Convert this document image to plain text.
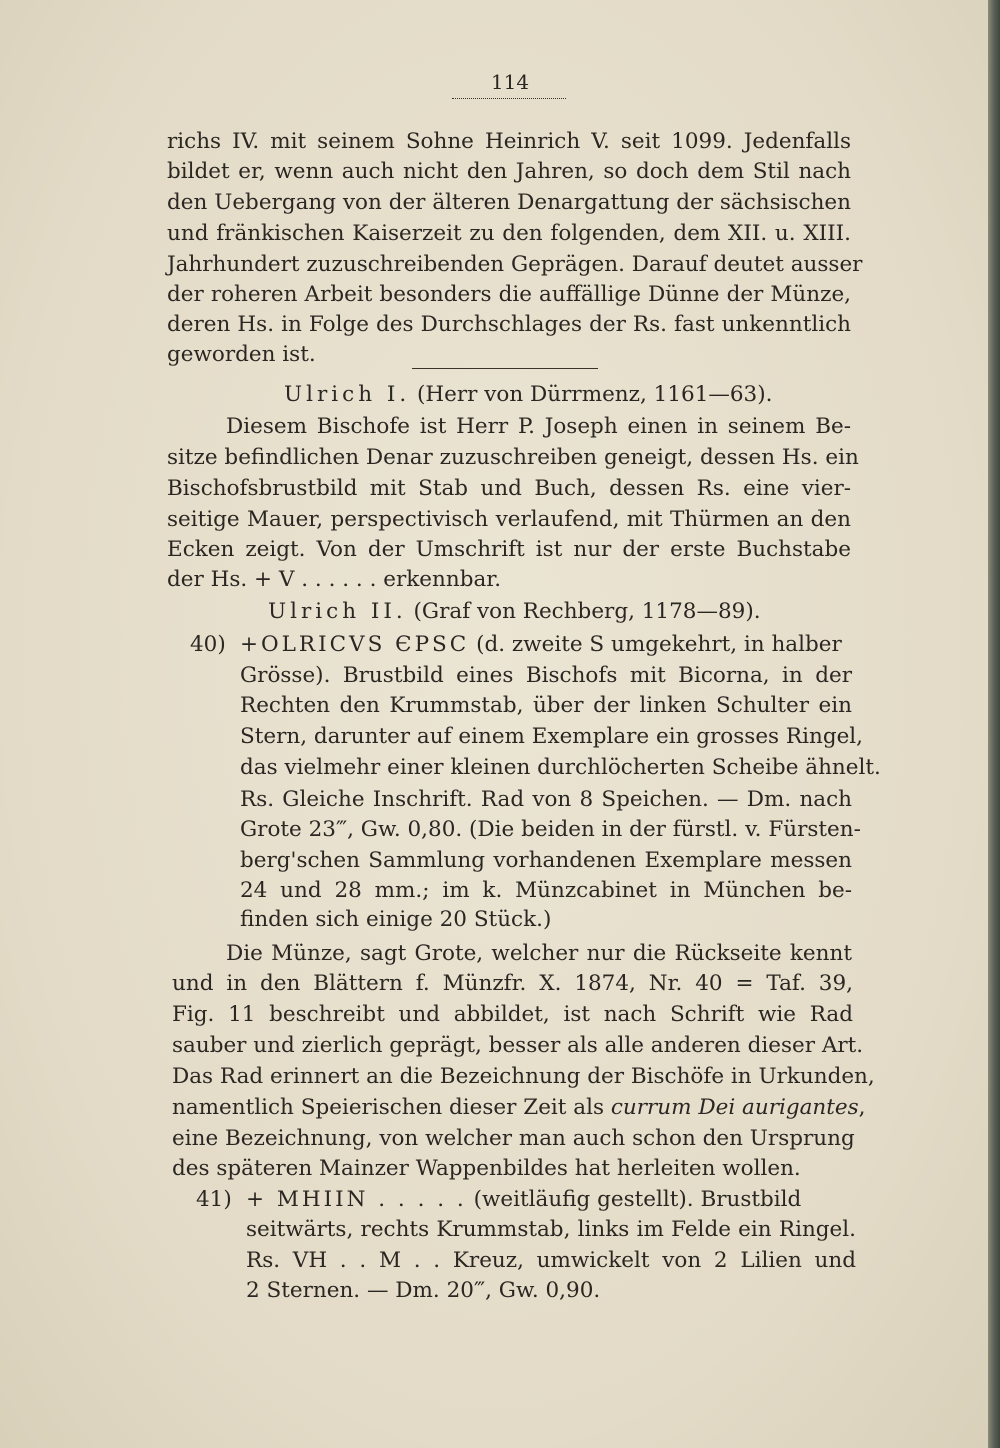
114
richs IV. mit seinem Sohne Heinrich V. seit 1099. Jedenfalls
bildet er, wenn auch nicht den Jahren, so doch dem Stil nach
den Uebergang von der älteren Denargattung der sächsischen
und fränkischen Kaiserzeit zu den folgenden, dem XII. u. XIII.
Jahrhundert zuzuschreibenden Geprägen. Darauf deutet ausser
der roheren Arbeit besonders die auffällige Dünne der Münze,
deren Hs. in Folge des Durchschlages der Rs. fast unkenntlich
geworden ist.
Ulrich I. (Herr von Dürrmenz, 1161—63).
Diesem Bischofe ist Herr P. Joseph einen in seinem Be-
sitze befindlichen Denar zuzuschreiben geneigt, dessen Hs. ein
Bischofsbrustbild mit Stab und Buch, dessen Rs. eine vier-
seitige Mauer, perspectivisch verlaufend, mit Thürmen an den
Ecken zeigt. Von der Umschrift ist nur der erste Buchstabe
der Hs. + V . . . . . . erkennbar.
Ulrich II. (Graf von Rechberg, 1178—89).
40) +OLRICVS ЄPSC (d. zweite S umgekehrt, in halber
Grösse). Brustbild eines Bischofs mit Bicorna, in der
Rechten den Krummstab, über der linken Schulter ein
Stern, darunter auf einem Exemplare ein grosses Ringel,
das vielmehr einer kleinen durchlöcherten Scheibe ähnelt.
Rs. Gleiche Inschrift. Rad von 8 Speichen. — Dm. nach
Grote 23‴, Gw. 0,80. (Die beiden in der fürstl. v. Fürsten-
berg'schen Sammlung vorhandenen Exemplare messen
24 und 28 mm.; im k. Münzcabinet in München be-
finden sich einige 20 Stück.)
Die Münze, sagt Grote, welcher nur die Rückseite kennt
und in den Blättern f. Münzfr. X. 1874, Nr. 40 = Taf. 39,
Fig. 11 beschreibt und abbildet, ist nach Schrift wie Rad
sauber und zierlich geprägt, besser als alle anderen dieser Art.
Das Rad erinnert an die Bezeichnung der Bischöfe in Urkunden,
namentlich Speierischen dieser Zeit als currum Dei aurigantes,
eine Bezeichnung, von welcher man auch schon den Ursprung
des späteren Mainzer Wappenbildes hat herleiten wollen.
41) + MHIIN . . . . . (weitläufig gestellt). Brustbild
seitwärts, rechts Krummstab, links im Felde ein Ringel.
Rs. VH . . M . . Kreuz, umwickelt von 2 Lilien und
2 Sternen. — Dm. 20‴, Gw. 0,90.
